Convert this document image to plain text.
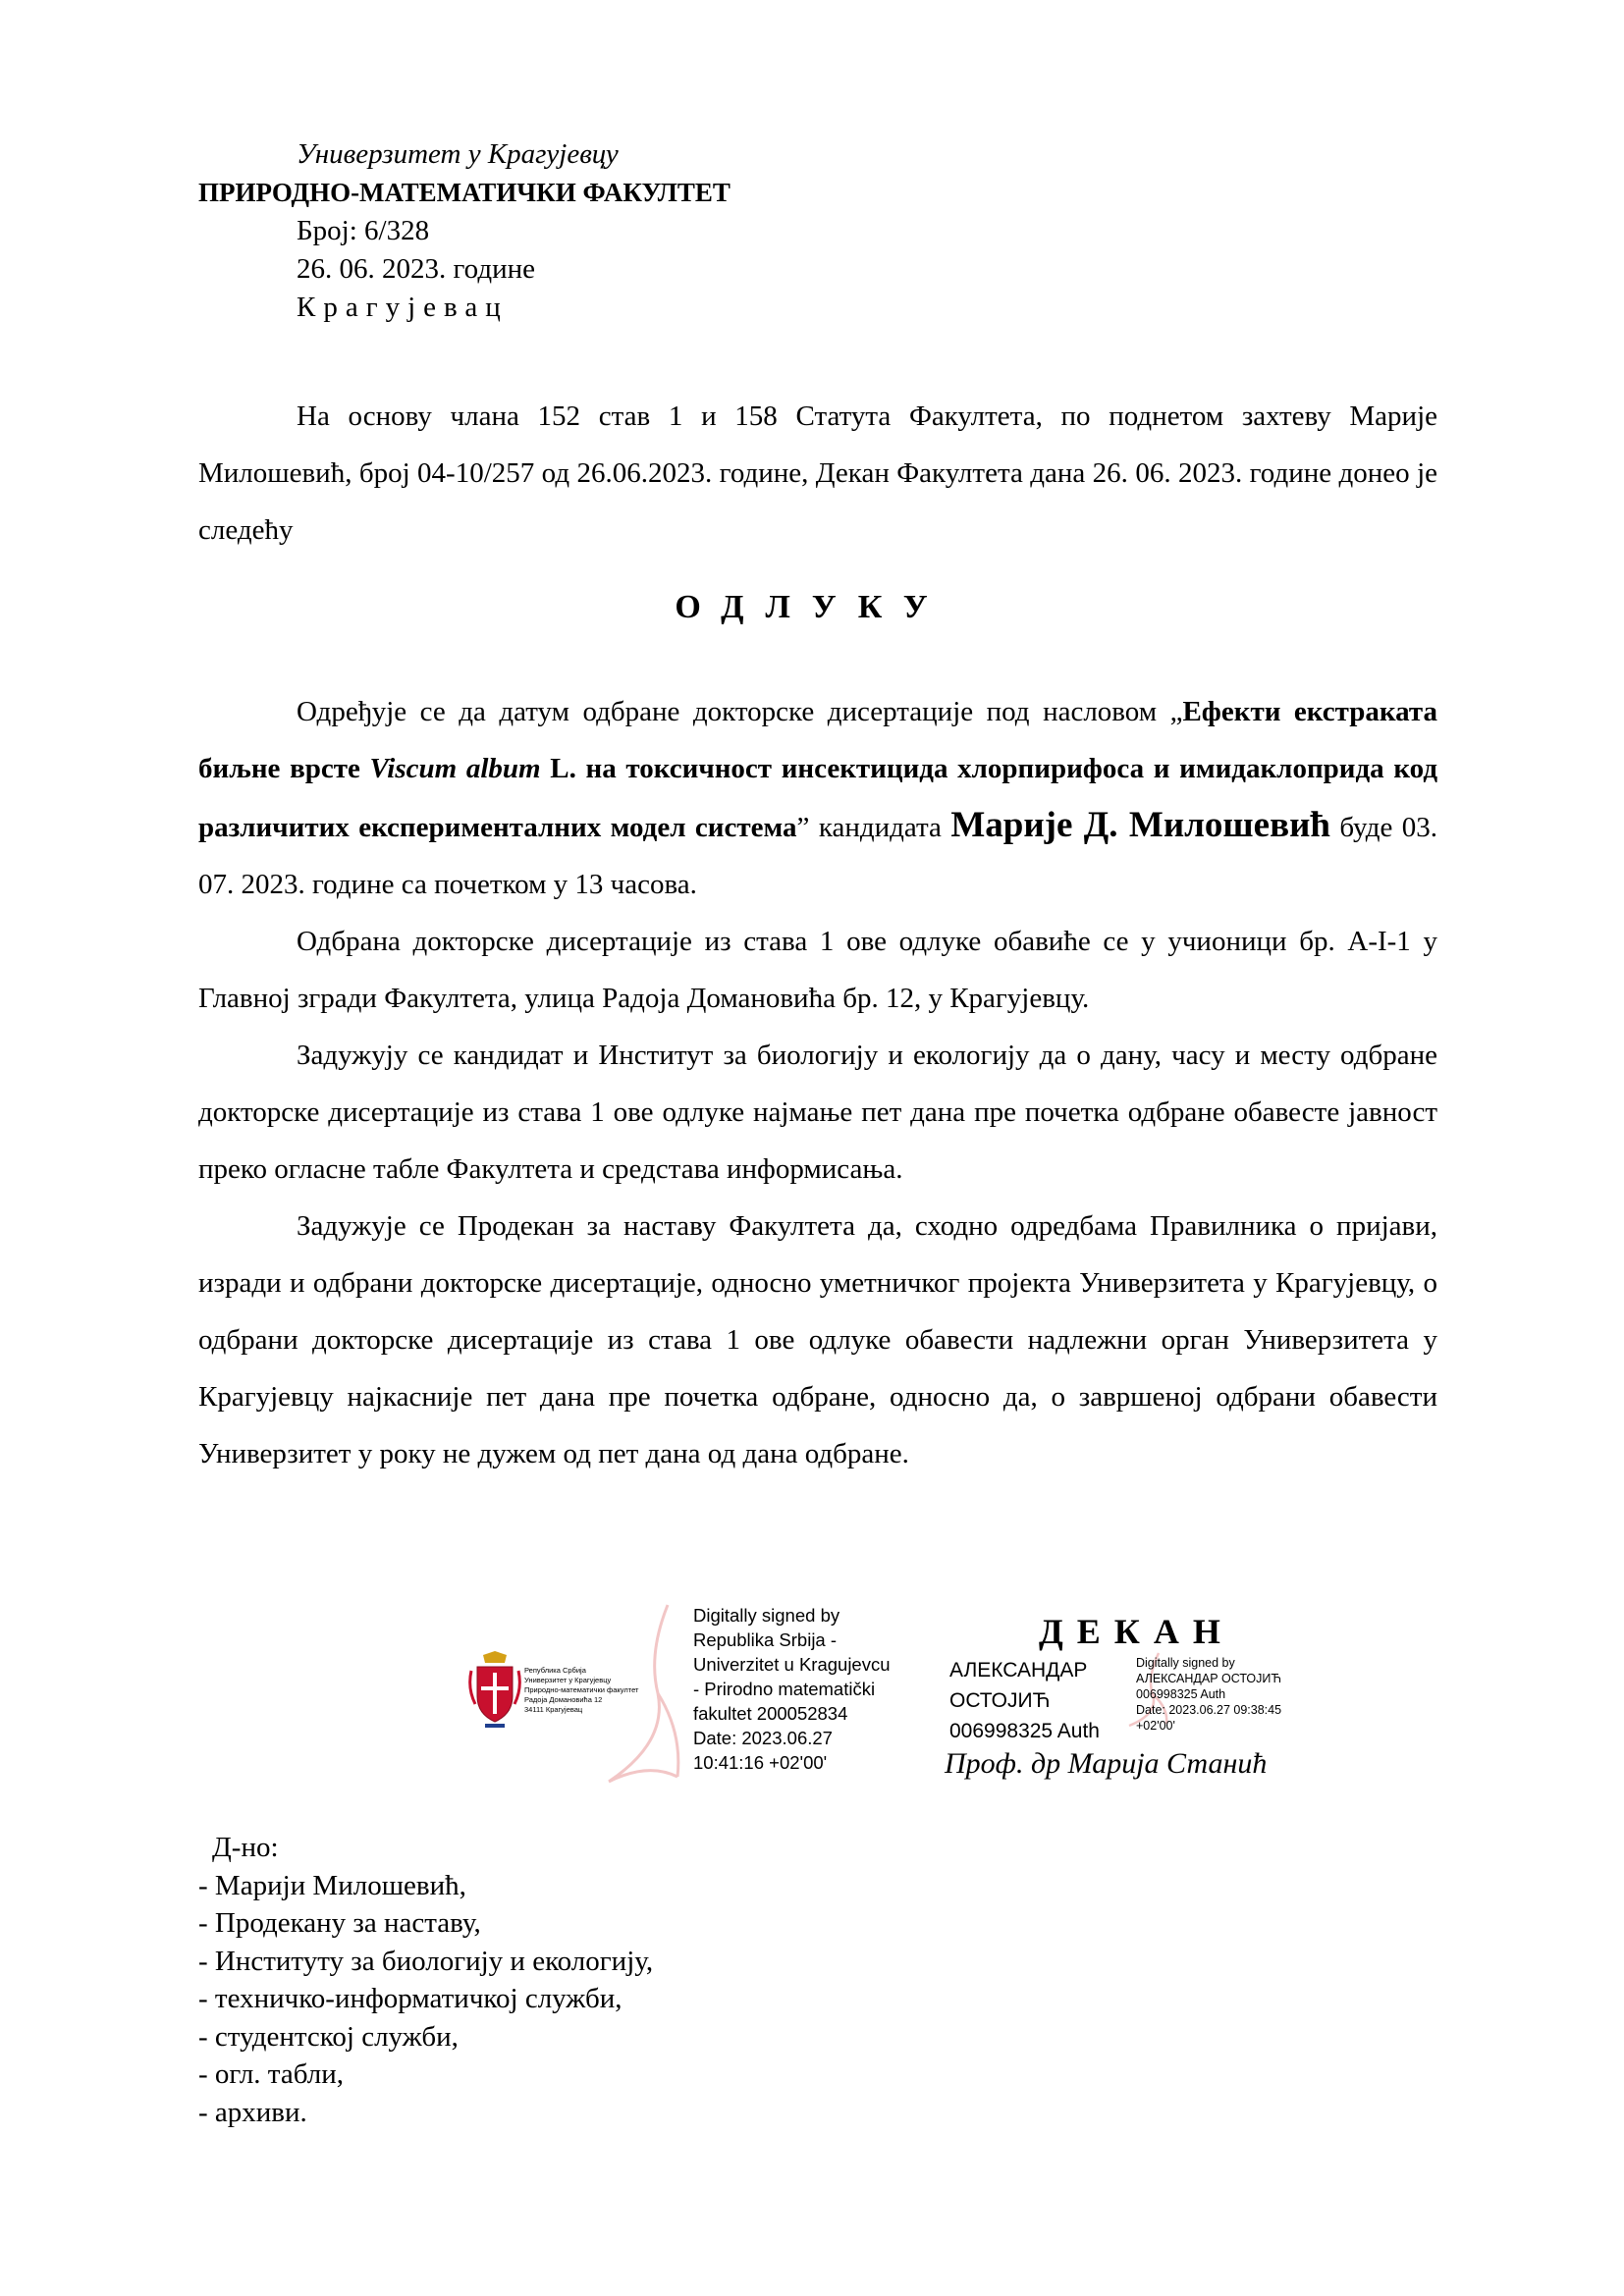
Универзитет у Крагујевцу
ПРИРОДНО-МАТЕМАТИЧКИ ФАКУЛТЕТ
Број: 6/328
26. 06. 2023. године
Крагујевац

На основу члана 152 став 1 и 158 Статута Факултета, по поднетом захтеву Марије Милошевић, број 04-10/257 од 26.06.2023. године, Декан Факултета дана 26. 06. 2023. године донео је следећу

ОДЛУКУ

Одређује се да датум одбране докторске дисертације под насловом „Ефекти екстраката биљне врсте Viscum album L. на токсичност инсектицида хлорпирифоса и имидаклоприда код различитих експерименталних модел система” кандидата Марије Д. Милошевић буде 03. 07. 2023. године са почетком у 13 часова.

Одбрана докторске дисертације из става 1 ове одлуке обавиће се у учионици бр. А-I-1 у Главној згради Факултета, улица Радоја Домановића бр. 12, у Крагујевцу.

Задужују се кандидат и Институт за биологију и екологију да о дану, часу и месту одбране докторске дисертације из става 1 ове одлуке најмање пет дана пре почетка одбране обавесте јавност преко огласне табле Факултета и средстава информисања.

Задужује се Продекан за наставу Факултета да, сходно одредбама Правилника о пријави, изради и одбрани докторске дисертације, односно уметничког пројекта Универзитета у Крагујевцу, о одбрани докторске дисертације из става 1 ове одлуке обавести надлежни орган Универзитета у Крагујевцу најкасније пет дана пре почетка одбране, односно да, о завршеној одбрани обавести Универзитет у року не дужем од пет дана од дана одбране.

Република Србија
Универзитет у Крагујевцу
Природно-математички факултет
Радоја Домановића 12
34111 Крагујевац
Digitally signed by
Republika Srbija -
Univerzitet u Kragujevcu
- Prirodno matematički
fakultet 200052834
Date: 2023.06.27
10:41:16 +02'00'
ДЕКАН
АЛЕКСАНДАР
ОСТОЈИЋ
006998325 Auth
Digitally signed by
АЛЕКСАНДАР ОСТОЈИЋ
006998325 Auth
Date: 2023.06.27 09:38:45
+02'00'
Проф. др Марија Станић
Д-но:
- Марији Милошевић,
- Продекану за наставу,
- Институту за биологију и екологију,
- техничко-информатичкој служби,
- студентској служби,
- огл. табли,
- архиви.
